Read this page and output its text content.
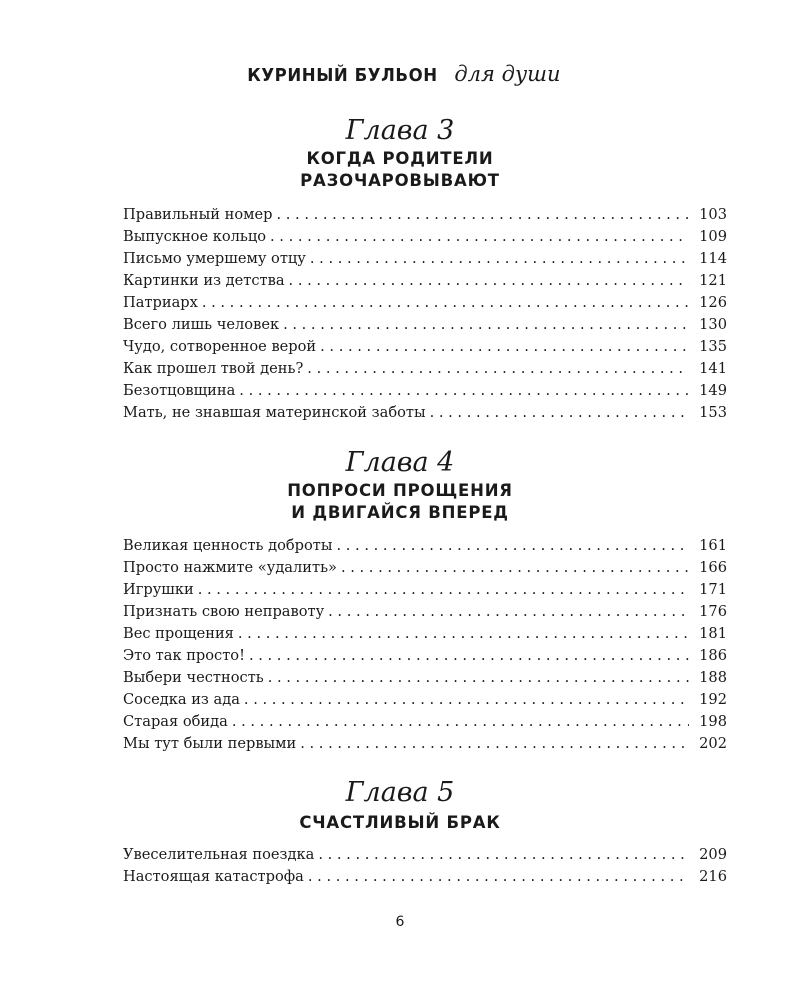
КУРИНЫЙ БУЛЬОН для души
Глава 3
КОГДА РОДИТЕЛИ
РАЗОЧАРОВЫВАЮТ
Правильный номер . . .	103
Выпускное кольцо . . .	109
Письмо умершему отцу . . .	114
Картинки из детства . . .	121
Патриарх . . .	126
Всего лишь человек . . .	130
Чудо, сотворенное верой . . .	135
Как прошел твой день? . . .	141
Безотцовщина . . .	149
Мать, не знавшая материнской заботы . . .	153
Глава 4
ПОПРОСИ ПРОЩЕНИЯ
И ДВИГАЙСЯ ВПЕРЕД
Великая ценность доброты . . .	161
Просто нажмите «удалить» . . .	166
Игрушки . . .	171
Признать свою неправоту . . .	176
Вес прощения . . .	181
Это так просто! . . .	186
Выбери честность . . .	188
Соседка из ада . . .	192
Старая обида . . .	198
Мы тут были первыми . . .	202
Глава 5
СЧАСТЛИВЫЙ БРАК
Увеселительная поездка . . .	209
Настоящая катастрофа . . .	216
6
